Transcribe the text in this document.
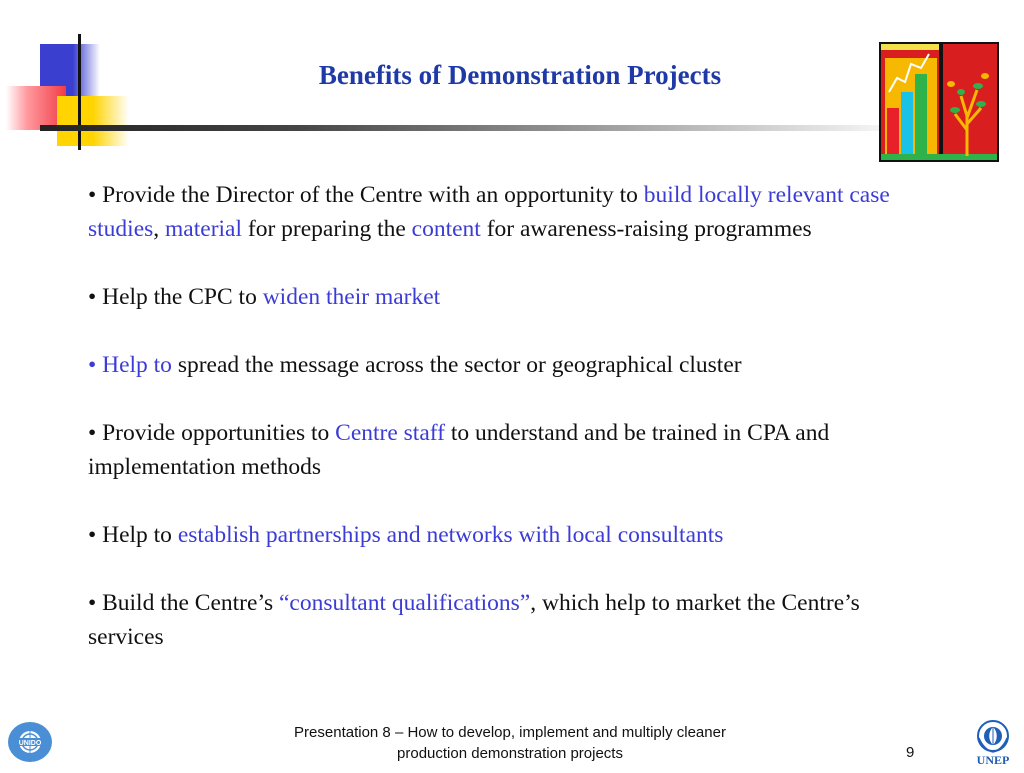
Benefits of Demonstration Projects

• Provide the Director of the Centre with an opportunity to build locally relevant case studies, material for preparing the content for awareness-raising programmes

• Help the CPC to widen their market

• Help to spread the message across the sector or geographical cluster

• Provide opportunities to Centre staff to understand and be trained in CPA and implementation methods

• Help to establish partnerships and networks with local consultants

• Build the Centre’s “consultant qualifications”, which help to market the Centre’s services

UNIDO
Presentation 8 – How to develop, implement and multiply cleaner
production demonstration projects	9	UNEP
